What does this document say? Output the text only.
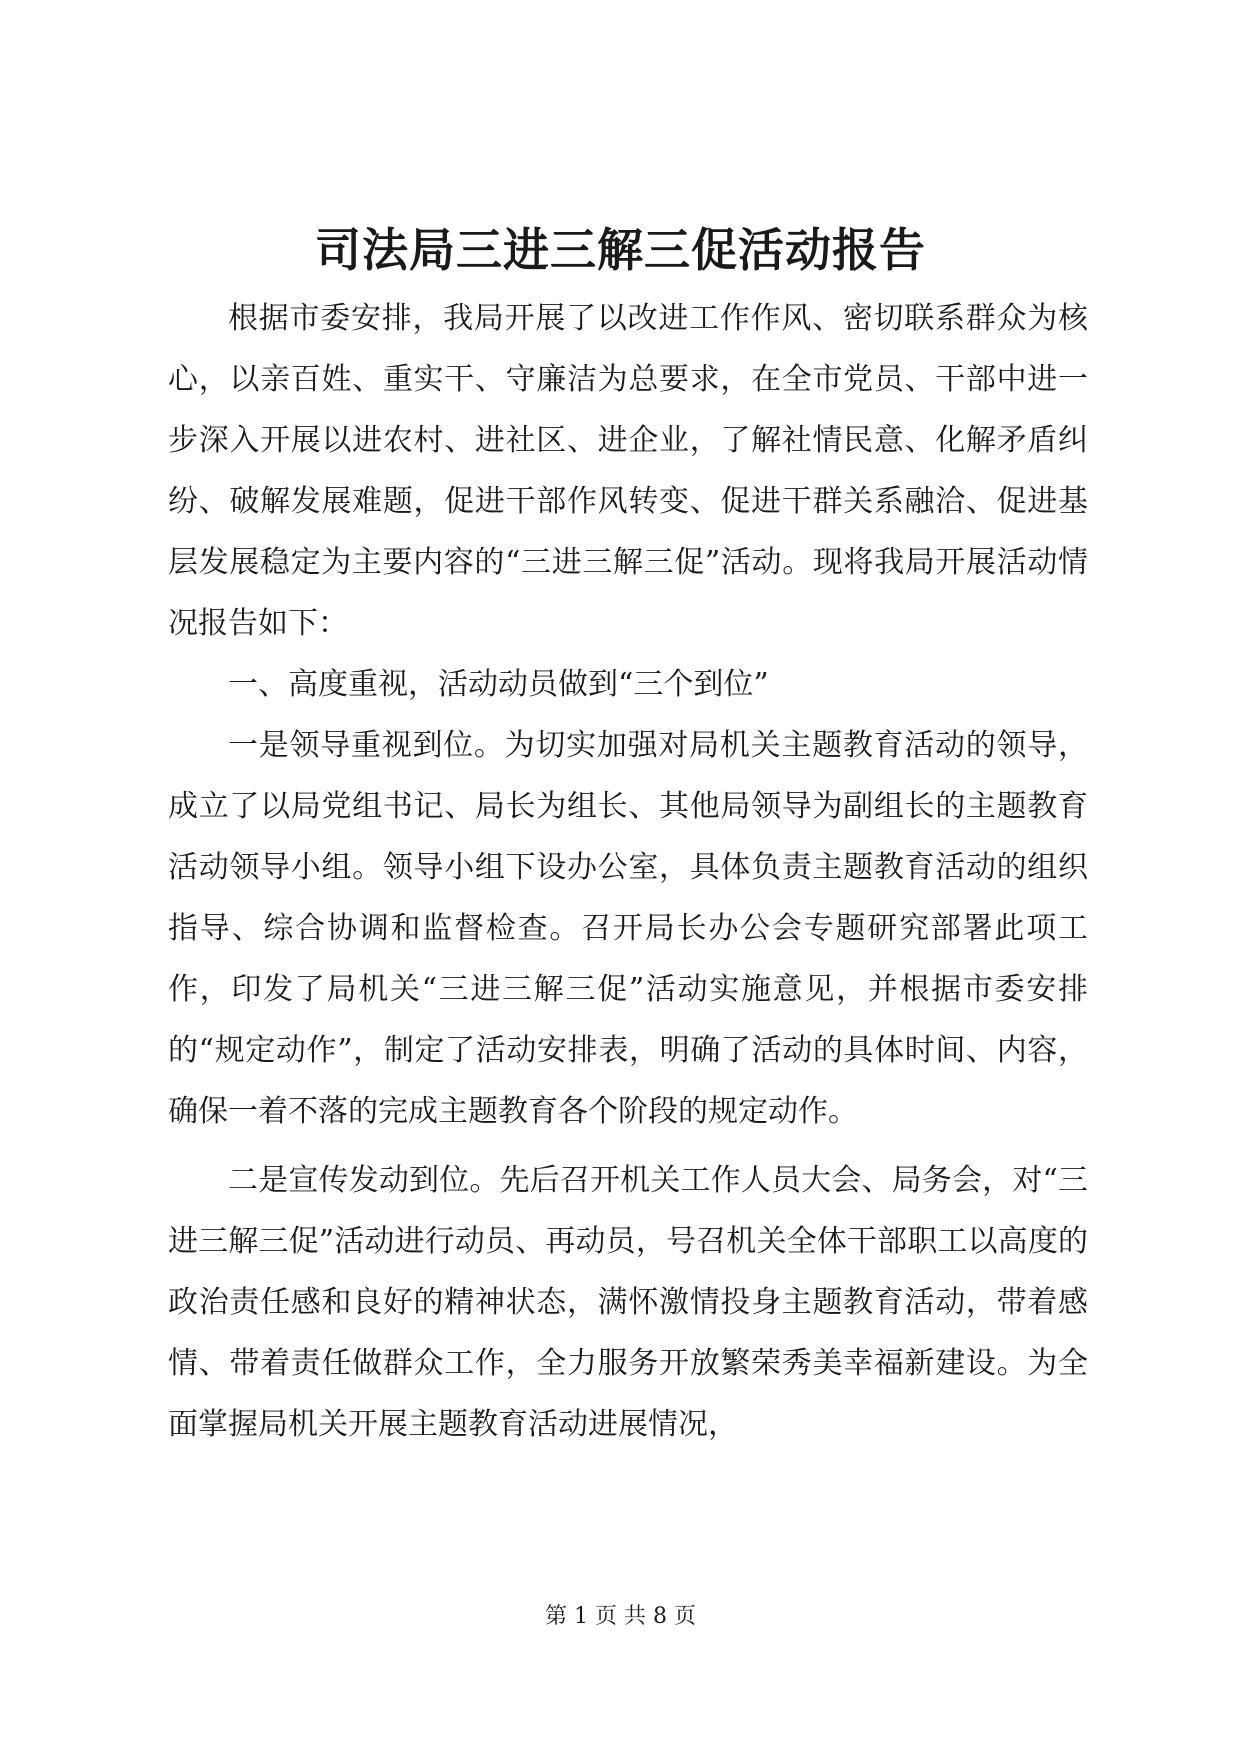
司法局三进三解三促活动报告

根据市委安排，我局开展了以改进工作作风、密切联系群众为核心，以亲百姓、重实干、守廉洁为总要求，在全市党员、干部中进一步深入开展以进农村、进社区、进企业，了解社情民意、化解矛盾纠纷、破解发展难题，促进干部作风转变、促进干群关系融洽、促进基层发展稳定为主要内容的“三进三解三促”活动。现将我局开展活动情况报告如下：

一、高度重视，活动动员做到“三个到位”

一是领导重视到位。为切实加强对局机关主题教育活动的领导，成立了以局党组书记、局长为组长、其他局领导为副组长的主题教育活动领导小组。领导小组下设办公室，具体负责主题教育活动的组织指导、综合协调和监督检查。召开局长办公会专题研究部署此项工作，印发了局机关“三进三解三促”活动实施意见，并根据市委安排的“规定动作”，制定了活动安排表，明确了活动的具体时间、内容，确保一着不落的完成主题教育各个阶段的规定动作。

二是宣传发动到位。先后召开机关工作人员大会、局务会，对“三进三解三促”活动进行动员、再动员，号召机关全体干部职工以高度的政治责任感和良好的精神状态，满怀激情投身主题教育活动，带着感情、带着责任做群众工作，全力服务开放繁荣秀美幸福新建设。为全面掌握局机关开展主题教育活动进展情况，

第 1 页 共 8 页
